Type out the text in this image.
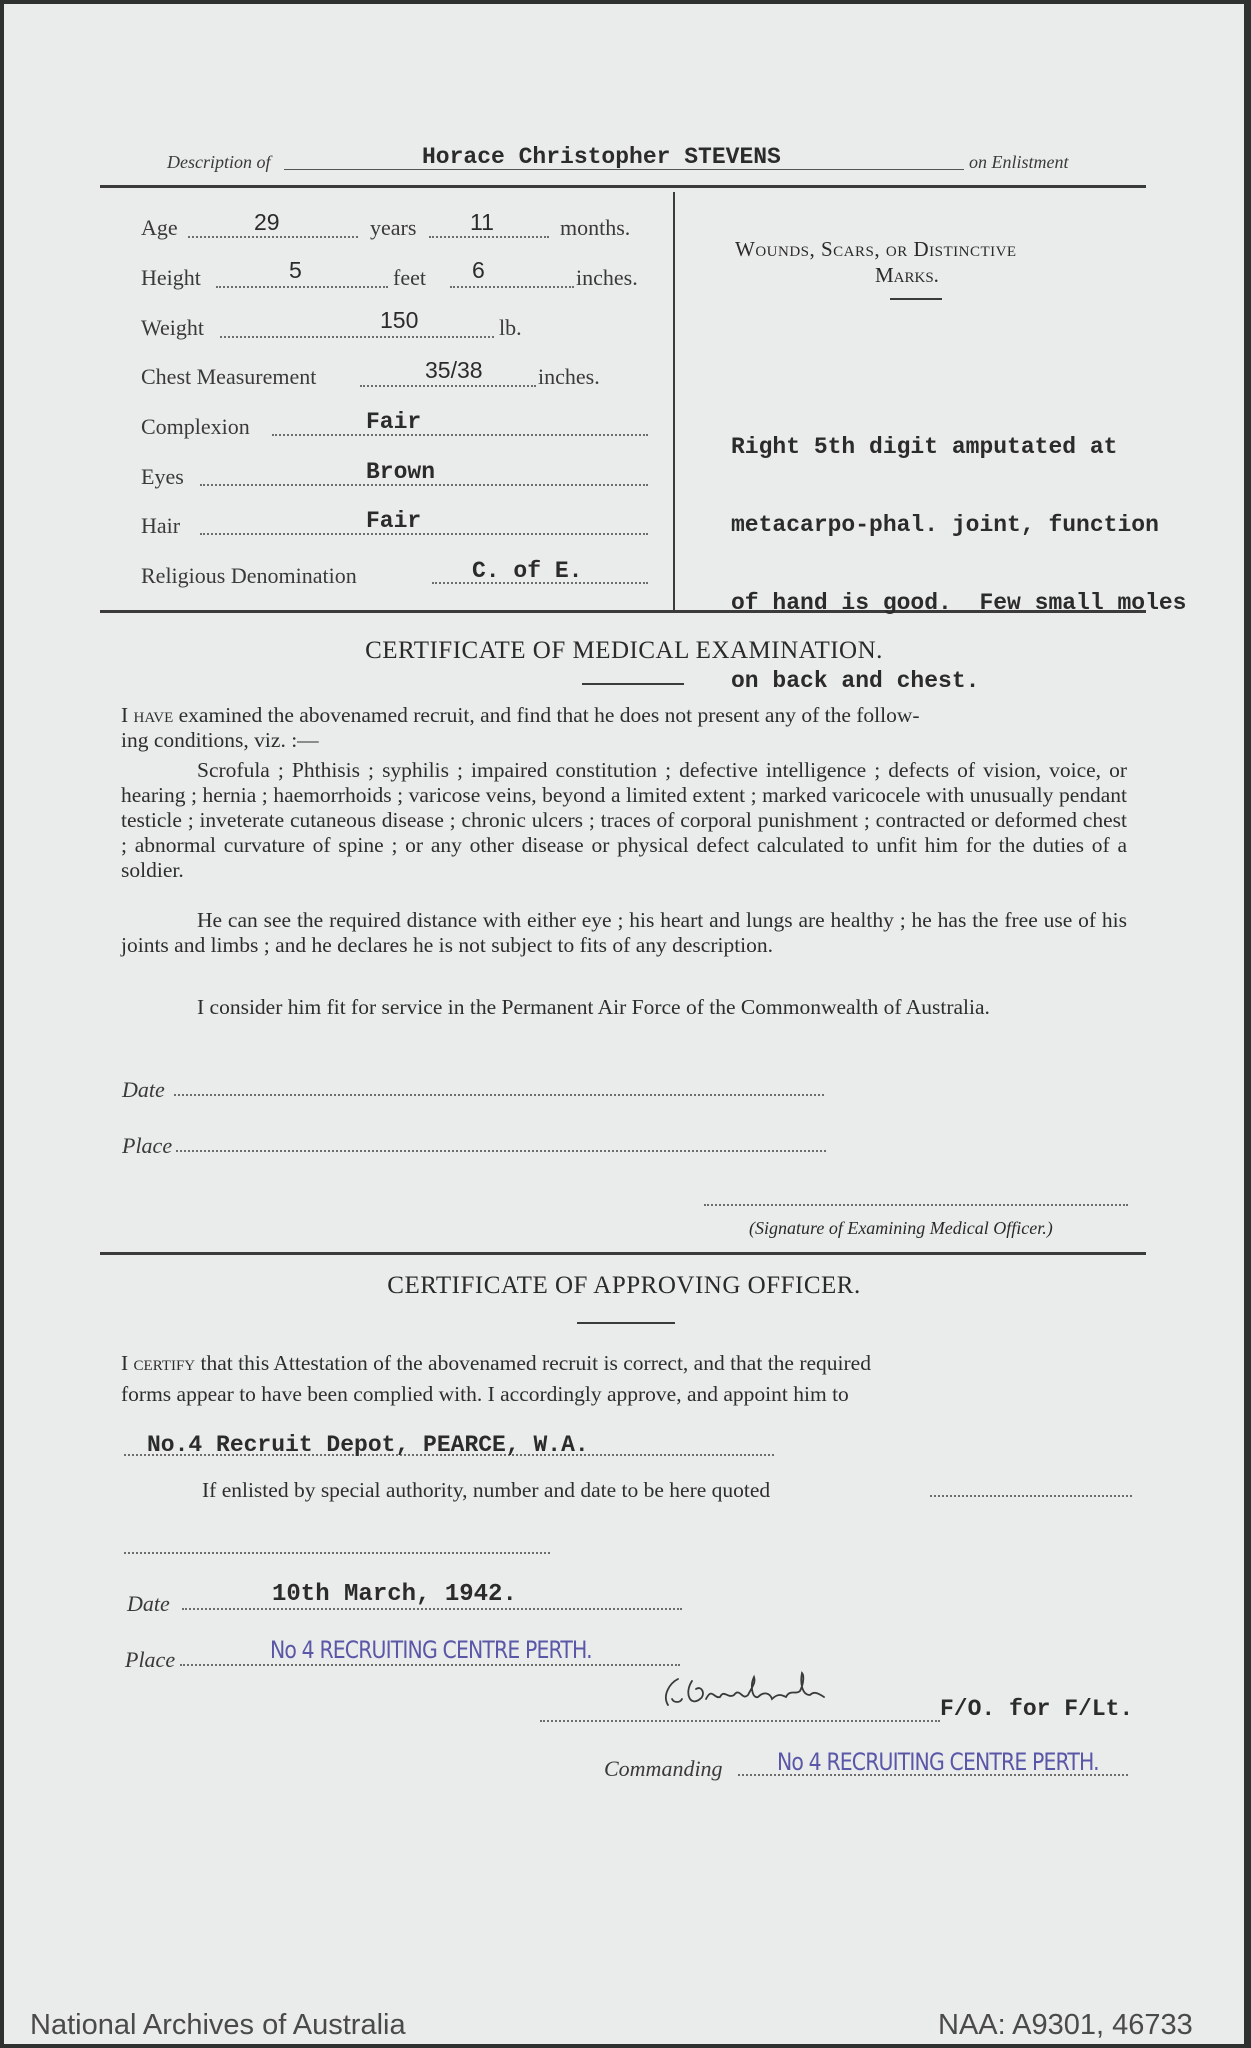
Description of	Horace Christopher STEVENS	on Enlistment
Age	29	years 11	months.
Height	5	feet 6	inches.
Weight	150	lb.
Chest Measurement	35/38	inches.
Complexion	Fair
Eyes	Brown
Hair	Fair
Religious Denomination	C. of E.
Wounds, Scars, or Distinctive
Marks.

Right 5th digit amputated at

metacarpo-phal. joint, function

of hand is good.  Few small moles

on back and chest.

CERTIFICATE OF MEDICAL EXAMINATION.
I have examined the abovenamed recruit, and find that he does not present any of the follow-
ing conditions, viz. :—
Scrofula ; Phthisis ; syphilis ; impaired constitution ; defective intelligence ; defects of vision, voice, or hearing ; hernia ; haemorrhoids ; varicose veins, beyond a limited extent ; marked varicocele with unusually pendant testicle ; inveterate cutaneous disease ; chronic ulcers ; traces of corporal punishment ; contracted or deformed chest ; abnormal curvature of spine ; or any other disease or physical defect calculated to unfit him for the duties of a soldier.
He can see the required distance with either eye ; his heart and lungs are healthy ; he has the free use of his joints and limbs ; and he declares he is not subject to fits of any description.
I consider him fit for service in the Permanent Air Force of the Commonwealth of Australia.
Date
Place
(Signature of Examining Medical Officer.)
CERTIFICATE OF APPROVING OFFICER.
I certify that this Attestation of the abovenamed recruit is correct, and that the required
forms appear to have been complied with. I accordingly approve, and appoint him to
No.4 Recruit Depot, PEARCE, W.A.
If enlisted by special authority, number and date to be here quoted
Date	10th March, 1942.
Place	No 4 RECRUITING CENTRE PERTH.
F/O. for F/Lt.
Commanding No 4 RECRUITING CENTRE PERTH.
National Archives of Australia	NAA: A9301, 46733
